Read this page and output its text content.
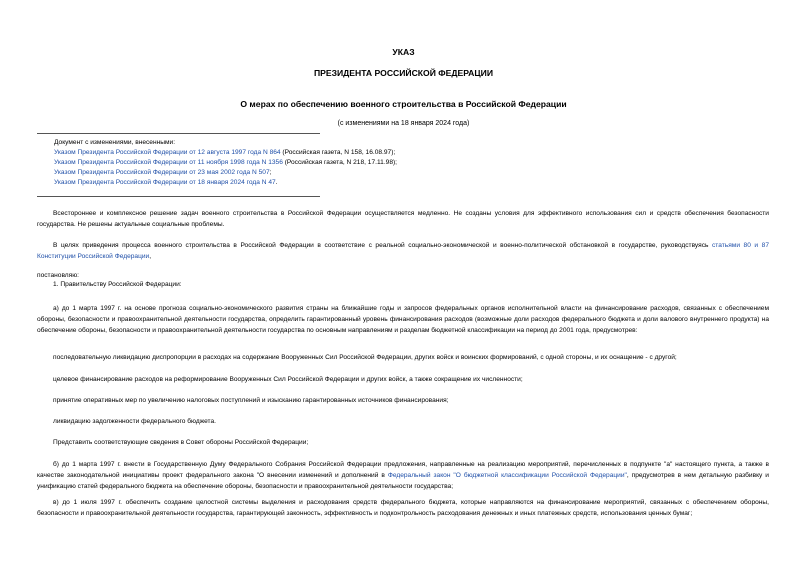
УКАЗ
ПРЕЗИДЕНТА РОССИЙСКОЙ ФЕДЕРАЦИИ
О мерах по обеспечению военного строительства в Российской Федерации
(с изменениями на 18 января 2024 года)
Документ с изменениями, внесенными:
Указом Президента Российской Федерации от 12 августа 1997 года N 864 (Российская газета, N 158, 16.08.97);
Указом Президента Российской Федерации от 11 ноября 1998 года N 1356 (Российская газета, N 218, 17.11.98);
Указом Президента Российской Федерации от 23 мая 2002 года N 507;
Указом Президента Российской Федерации от 18 января 2024 года N 47.
Всестороннее и комплексное решение задач военного строительства в Российской Федерации осуществляется медленно. Не созданы условия для эффективного использования сил и средств обеспечения безопасности государства. Не решены актуальные социальные проблемы.
В целях приведения процесса военного строительства в Российской Федерации в соответствие с реальной социально-экономической и военно-политической обстановкой в государстве, руководствуясь статьями 80 и 87 Конституции Российской Федерации,
постановляю:
1. Правительству Российской Федерации:
а) до 1 марта 1997 г. на основе прогноза социально-экономического развития страны на ближайшие годы и запросов федеральных органов исполнительной власти на финансирование расходов, связанных с обеспечением обороны, безопасности и правоохранительной деятельности государства, определить гарантированный уровень финансирования расходов (возможные доли расходов федерального бюджета и доли валового внутреннего продукта) на обеспечение обороны, безопасности и правоохранительной деятельности государства по основным направлениям и разделам бюджетной классификации на период до 2001 года, предусмотрев:
последовательную ликвидацию диспропорции в расходах на содержание Вооруженных Сил Российской Федерации, других войск и воинских формирований, с одной стороны, и их оснащение - с другой;
целевое финансирование расходов на реформирование Вооруженных Сил Российской Федерации и других войск, а также сокращение их численности;
принятие оперативных мер по увеличению налоговых поступлений и изысканию гарантированных источников финансирования;
ликвидацию задолженности федерального бюджета.
Представить соответствующие сведения в Совет обороны Российской Федерации;
б) до 1 марта 1997 г. внести в Государственную Думу Федерального Собрания Российской Федерации предложения, направленные на реализацию мероприятий, перечисленных в подпункте "а" настоящего пункта, а также в качестве законодательной инициативы проект федерального закона "О внесении изменений и дополнений в Федеральный закон "О бюджетной классификации Российской Федерации", предусмотрев в нем детальную разбивку и унификацию статей федерального бюджета на обеспечение обороны, безопасности и правоохранительной деятельности государства;
в) до 1 июля 1997 г. обеспечить создание целостной системы выделения и расходования средств федерального бюджета, которые направляются на финансирование мероприятий, связанных с обеспечением обороны, безопасности и правоохранительной деятельности государства, гарантирующей законность, эффективность и подконтрольность расходования денежных и иных платежных средств, использования ценных бумаг;
